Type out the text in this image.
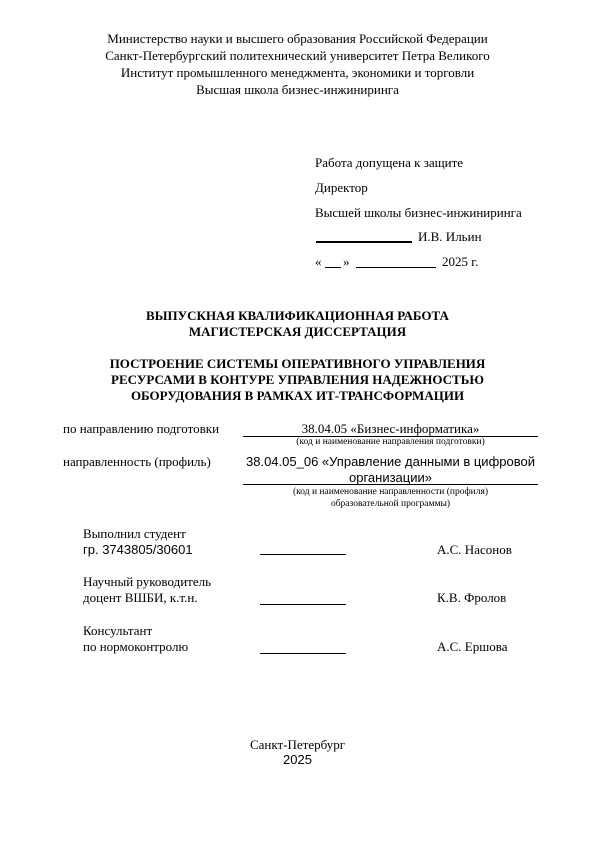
Министерство науки и высшего образования Российской Федерации
Санкт-Петербургский политехнический университет Петра Великого
Институт промышленного менеджмента, экономики и торговли
Высшая школа бизнес-инжиниринга
Работа допущена к защите
Директор
Высшей школы бизнес-инжиниринга
И.В. Ильин
« »	2025 г.
ВЫПУСКНАЯ КВАЛИФИКАЦИОННАЯ РАБОТА
МАГИСТЕРСКАЯ ДИССЕРТАЦИЯ
ПОСТРОЕНИЕ СИСТЕМЫ ОПЕРАТИВНОГО УПРАВЛЕНИЯ
РЕСУРСАМИ В КОНТУРЕ УПРАВЛЕНИЯ НАДЕЖНОСТЬЮ
ОБОРУДОВАНИЯ В РАМКАХ ИТ-ТРАНСФОРМАЦИИ
по направлению подготовки	38.04.05 «Бизнес-информатика»
(код и наименование направления подготовки)
направленность (профиль)	38.04.05_06 «Управление данными в цифровой
организации»
(код и наименование направленности (профиля)
образовательной программы)
Выполнил студент
гр. 3743805/30601	А.С. Насонов
Научный руководитель
доцент ВШБИ, к.т.н.	К.В. Фролов
Консультант
по нормоконтролю	А.С. Ершова
Санкт-Петербург
2025
